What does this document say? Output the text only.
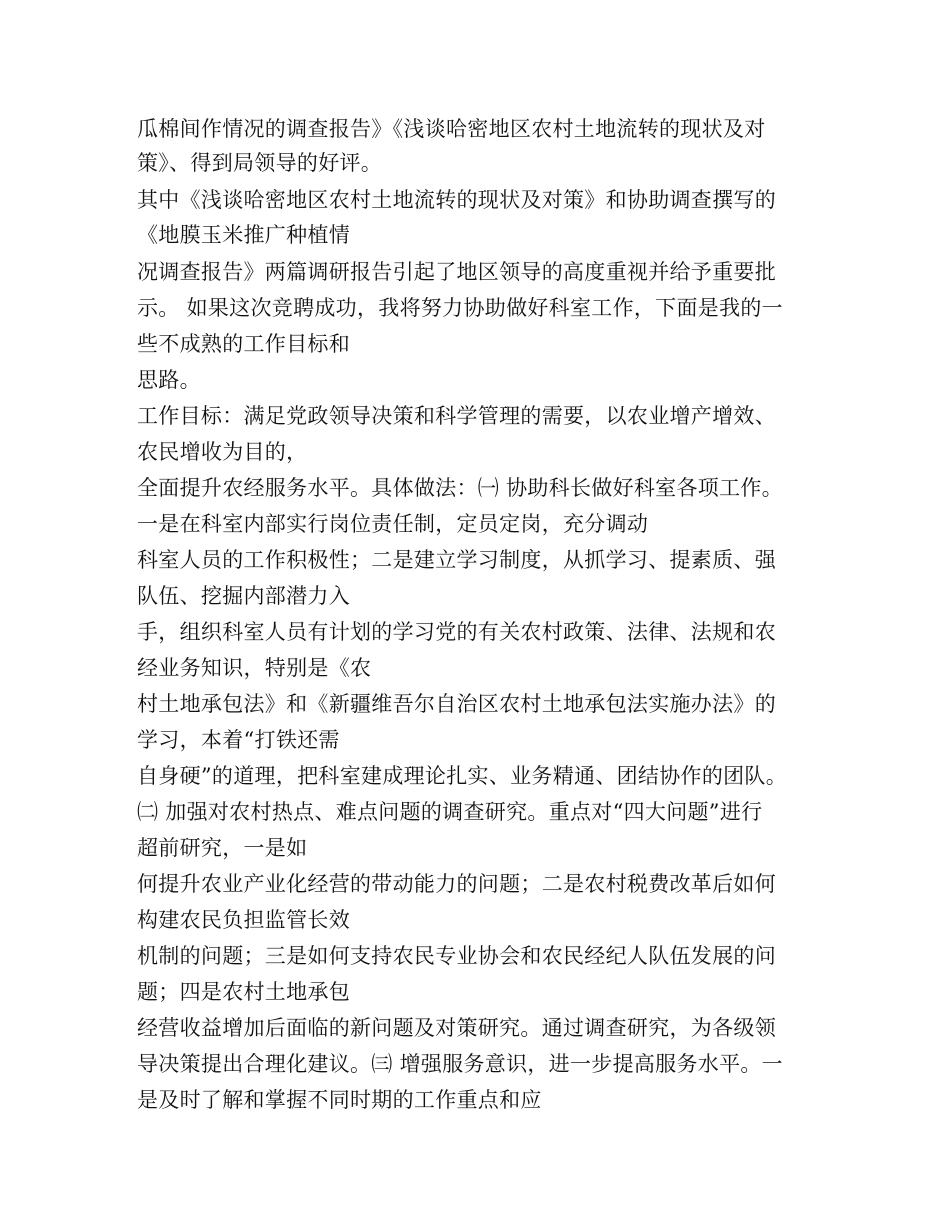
瓜棉间作情况的调查报告》《浅谈哈密地区农村土地流转的现状及对
策》、得到局领导的好评。
其中《浅谈哈密地区农村土地流转的现状及对策》和协助调查撰写的
《地膜玉米推广种植情
况调查报告》两篇调研报告引起了地区领导的高度重视并给予重要批
示。 如果这次竞聘成功，我将努力协助做好科室工作，下面是我的一
些不成熟的工作目标和
思路。
工作目标：满足党政领导决策和科学管理的需要，以农业增产增效、
农民增收为目的，
全面提升农经服务水平。具体做法：㈠ 协助科长做好科室各项工作。
一是在科室内部实行岗位责任制，定员定岗，充分调动
科室人员的工作积极性；二是建立学习制度，从抓学习、提素质、强
队伍、挖掘内部潜力入
手，组织科室人员有计划的学习党的有关农村政策、法律、法规和农
经业务知识，特别是《农
村土地承包法》和《新疆维吾尔自治区农村土地承包法实施办法》的
学习，本着“打铁还需
自身硬”的道理，把科室建成理论扎实、业务精通、团结协作的团队。
㈡ 加强对农村热点、难点问题的调查研究。重点对“四大问题”进行
超前研究，一是如
何提升农业产业化经营的带动能力的问题；二是农村税费改革后如何
构建农民负担监管长效
机制的问题；三是如何支持农民专业协会和农民经纪人队伍发展的问
题；四是农村土地承包
经营收益增加后面临的新问题及对策研究。通过调查研究，为各级领
导决策提出合理化建议。㈢ 增强服务意识，进一步提高服务水平。一
是及时了解和掌握不同时期的工作重点和应
